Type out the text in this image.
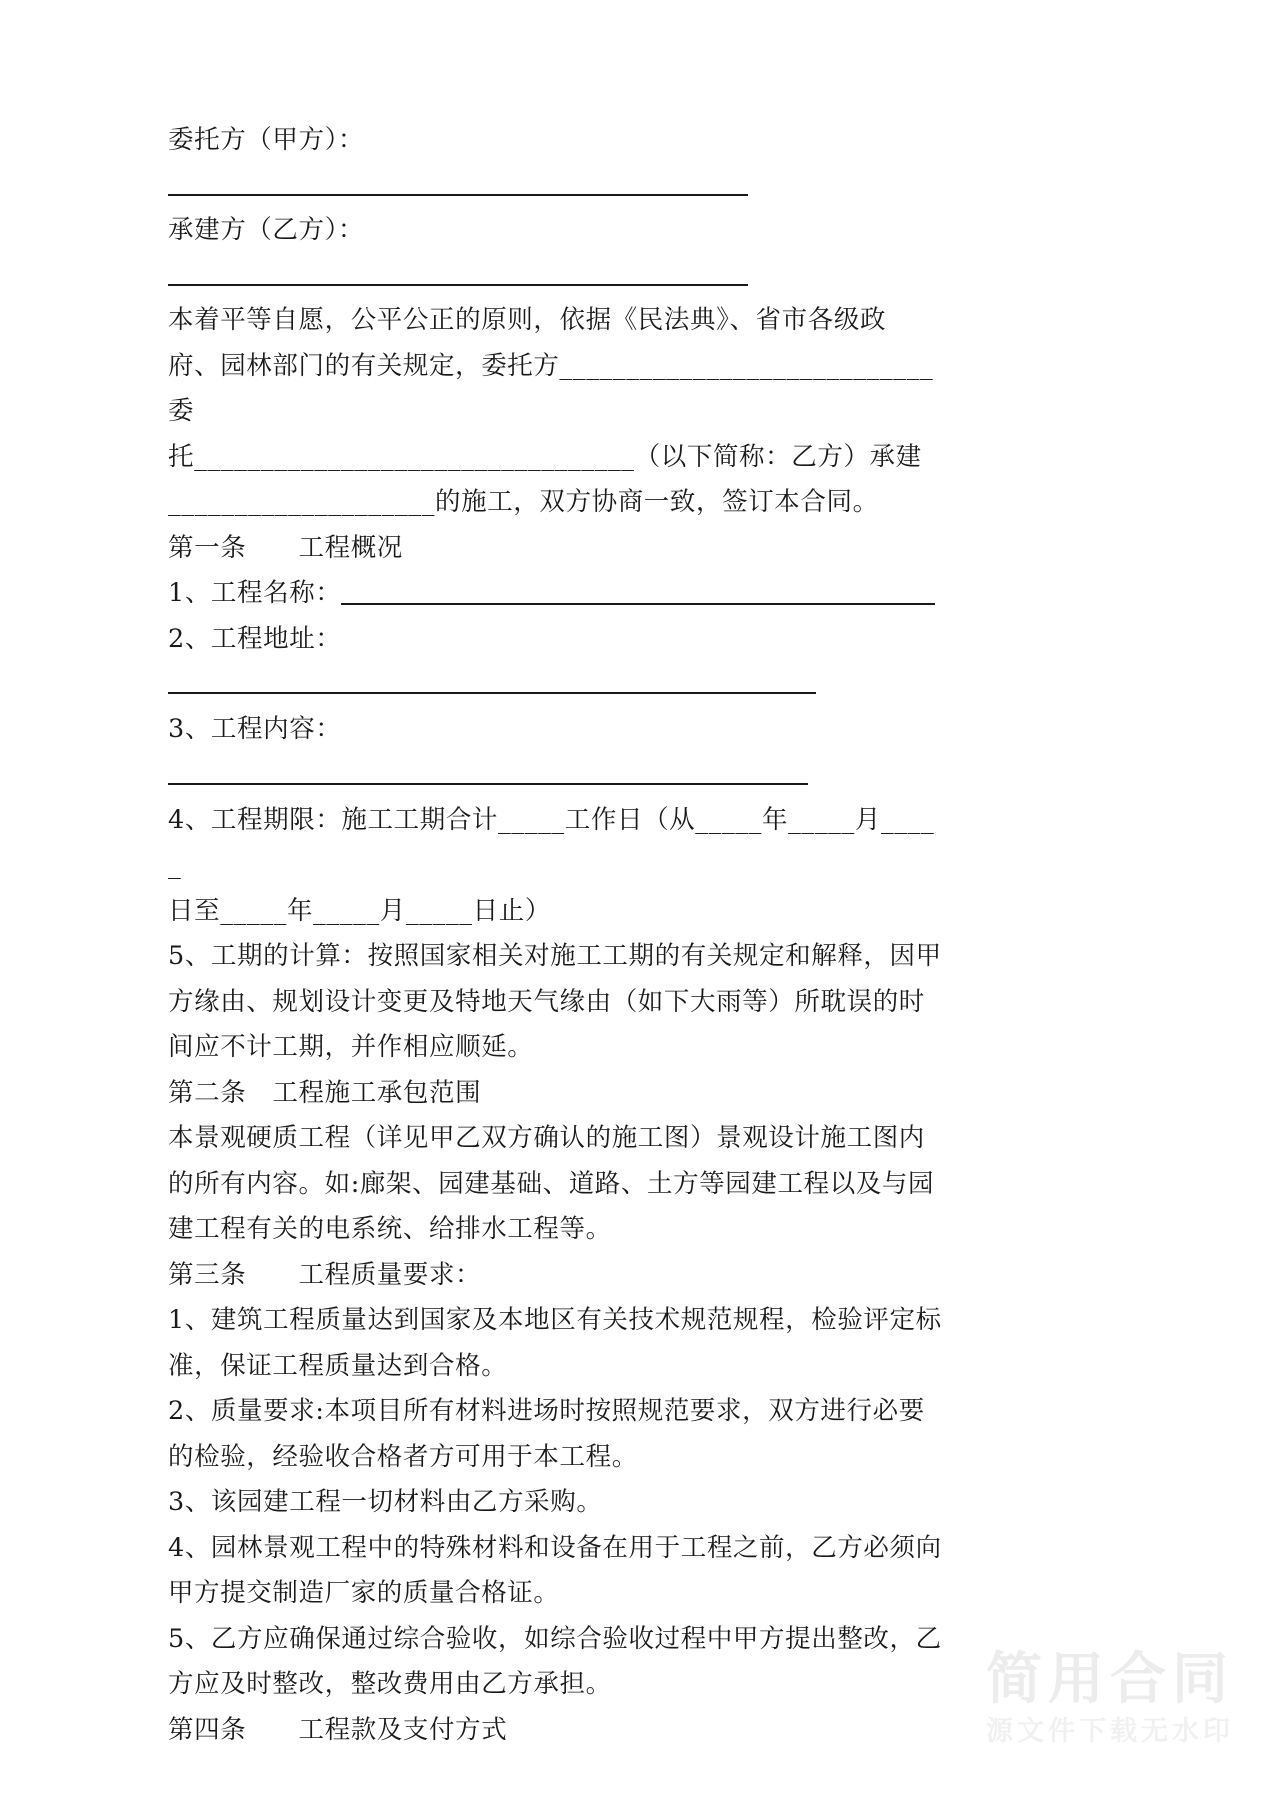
委托方（甲方）：
承建方（乙方）：
本着平等自愿，公平公正的原则，依据《民法典》、省市各级政
府、园林部门的有关规定，委托方____________________________委
托_________________________________（以下简称：乙方）承建
____________________的施工，双方协商一致，签订本合同。
第一条　　工程概况
1、工程名称：
2、工程地址：
3、工程内容：
4、工程期限：施工工期合计_____工作日（从_____年_____月_____
日至_____年_____月_____日止）
5、工期的计算：按照国家相关对施工工期的有关规定和解释，因甲
方缘由、规划设计变更及特地天气缘由（如下大雨等）所耽误的时
间应不计工期，并作相应顺延。
第二条　工程施工承包范围
本景观硬质工程（详见甲乙双方确认的施工图）景观设计施工图内
的所有内容。如:廊架、园建基础、道路、土方等园建工程以及与园
建工程有关的电系统、给排水工程等。
第三条　　工程质量要求：
1、建筑工程质量达到国家及本地区有关技术规范规程，检验评定标
准，保证工程质量达到合格。
2、质量要求:本项目所有材料进场时按照规范要求，双方进行必要
的检验，经验收合格者方可用于本工程。
3、该园建工程一切材料由乙方采购。
4、园林景观工程中的特殊材料和设备在用于工程之前，乙方必须向
甲方提交制造厂家的质量合格证。
5、乙方应确保通过综合验收，如综合验收过程中甲方提出整改，乙
方应及时整改，整改费用由乙方承担。
第四条　　工程款及支付方式
简用合同
源文件下载无水印
